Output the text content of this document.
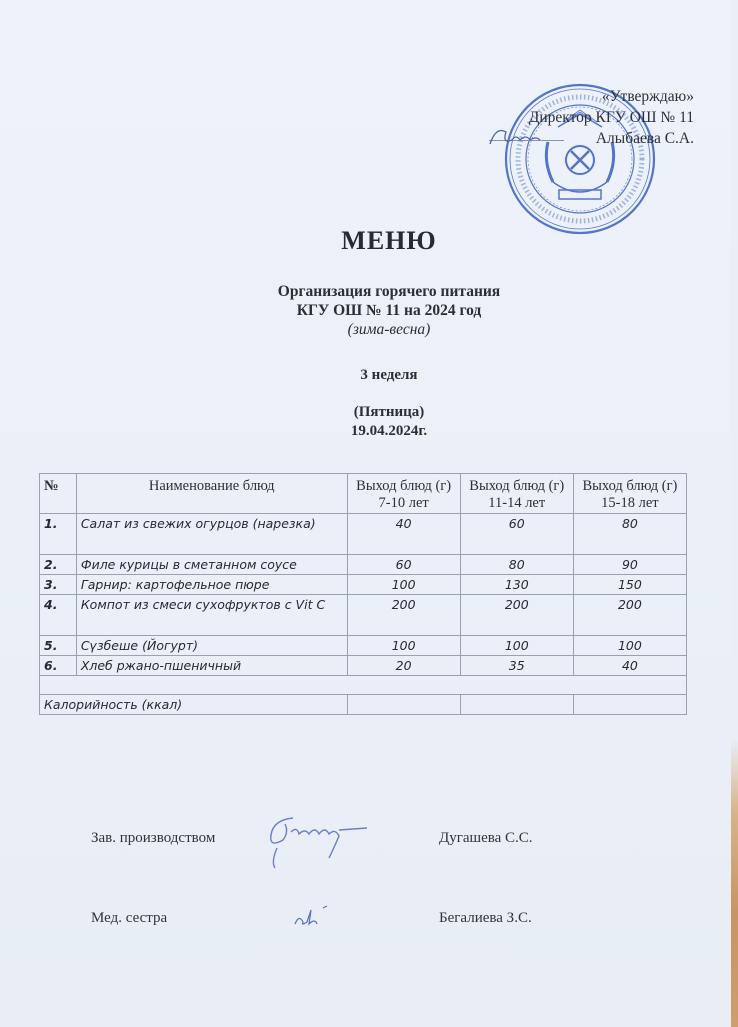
«Утверждаю»
Директор КГУ ОШ № 11
Алыбаева С.А.
МЕНЮ
Организация горячего питания
КГУ ОШ № 11 на 2024 год
(зима-весна)
3 неделя
(Пятница)
19.04.2024г.
№	Наименование блюд	Выход блюд (г) 7-10 лет	Выход блюд (г) 11-14 лет	Выход блюд (г) 15-18 лет
1.	Салат из свежих огурцов (нарезка)	40	60	80
2.	Филе курицы в сметанном соусе	60	80	90
3.	Гарнир: картофельное пюре	100	130	150
4.	Компот из смеси сухофруктов с Vit C	200	200	200
5.	Сүзбеше (Йогурт)	100	100	100
6.	Хлеб ржано-пшеничный	20	35	40

Калорийность (ккал)				
Зав. производством	Дугашева С.С.
Мед. сестра	Бегалиева З.С.
